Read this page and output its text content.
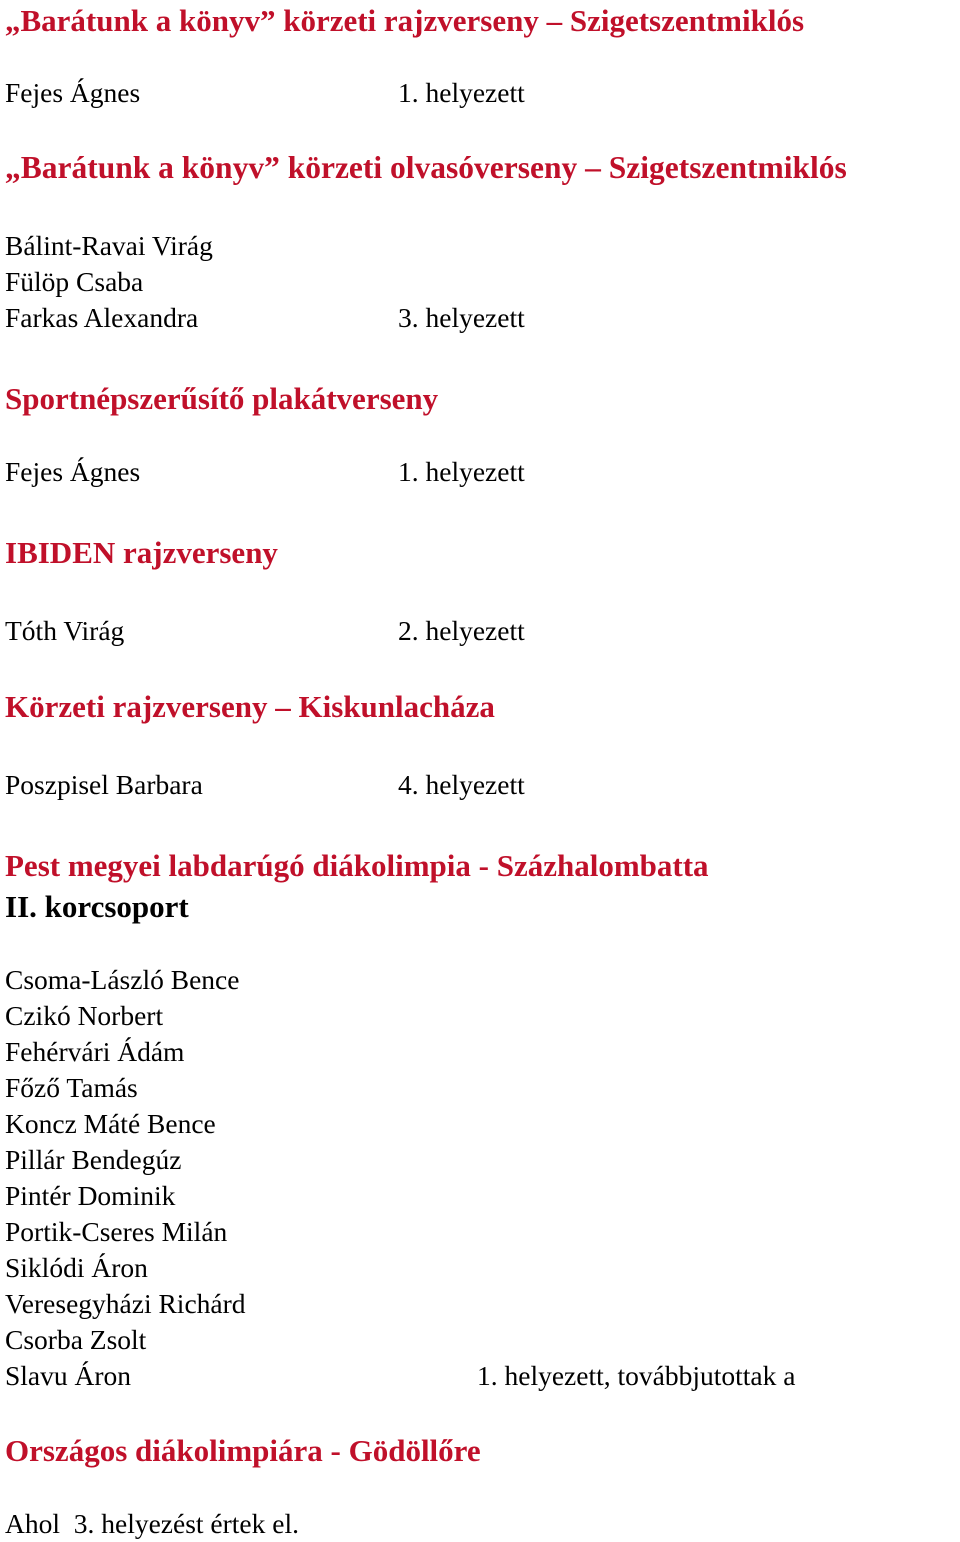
„Barátunk a könyv” körzeti rajzverseny – Szigetszentmiklós

Fejes Ágnes	1. helyezett

„Barátunk a könyv” körzeti olvasóverseny – Szigetszentmiklós

Bálint-Ravai Virág

Fülöp Csaba

Farkas Alexandra	3. helyezett

Sportnépszerűsítő plakátverseny

Fejes Ágnes	1. helyezett

IBIDEN rajzverseny

Tóth Virág	2. helyezett

Körzeti rajzverseny – Kiskunlacháza

Poszpisel Barbara	4. helyezett

Pest megyei labdarúgó diákolimpia - Százhalombatta
II. korcsoport
Csoma-László Bence
Czikó Norbert
Fehérvári Ádám
Főző Tamás
Koncz Máté Bence
Pillár Bendegúz
Pintér Dominik
Portik-Cseres Milán
Siklódi Áron
Veresegyházi Richárd
Csorba Zsolt
Slavu Áron	1. helyezett, továbbjutottak a

Országos diákolimpiára - Gödöllőre

Ahol  3. helyezést értek el.
